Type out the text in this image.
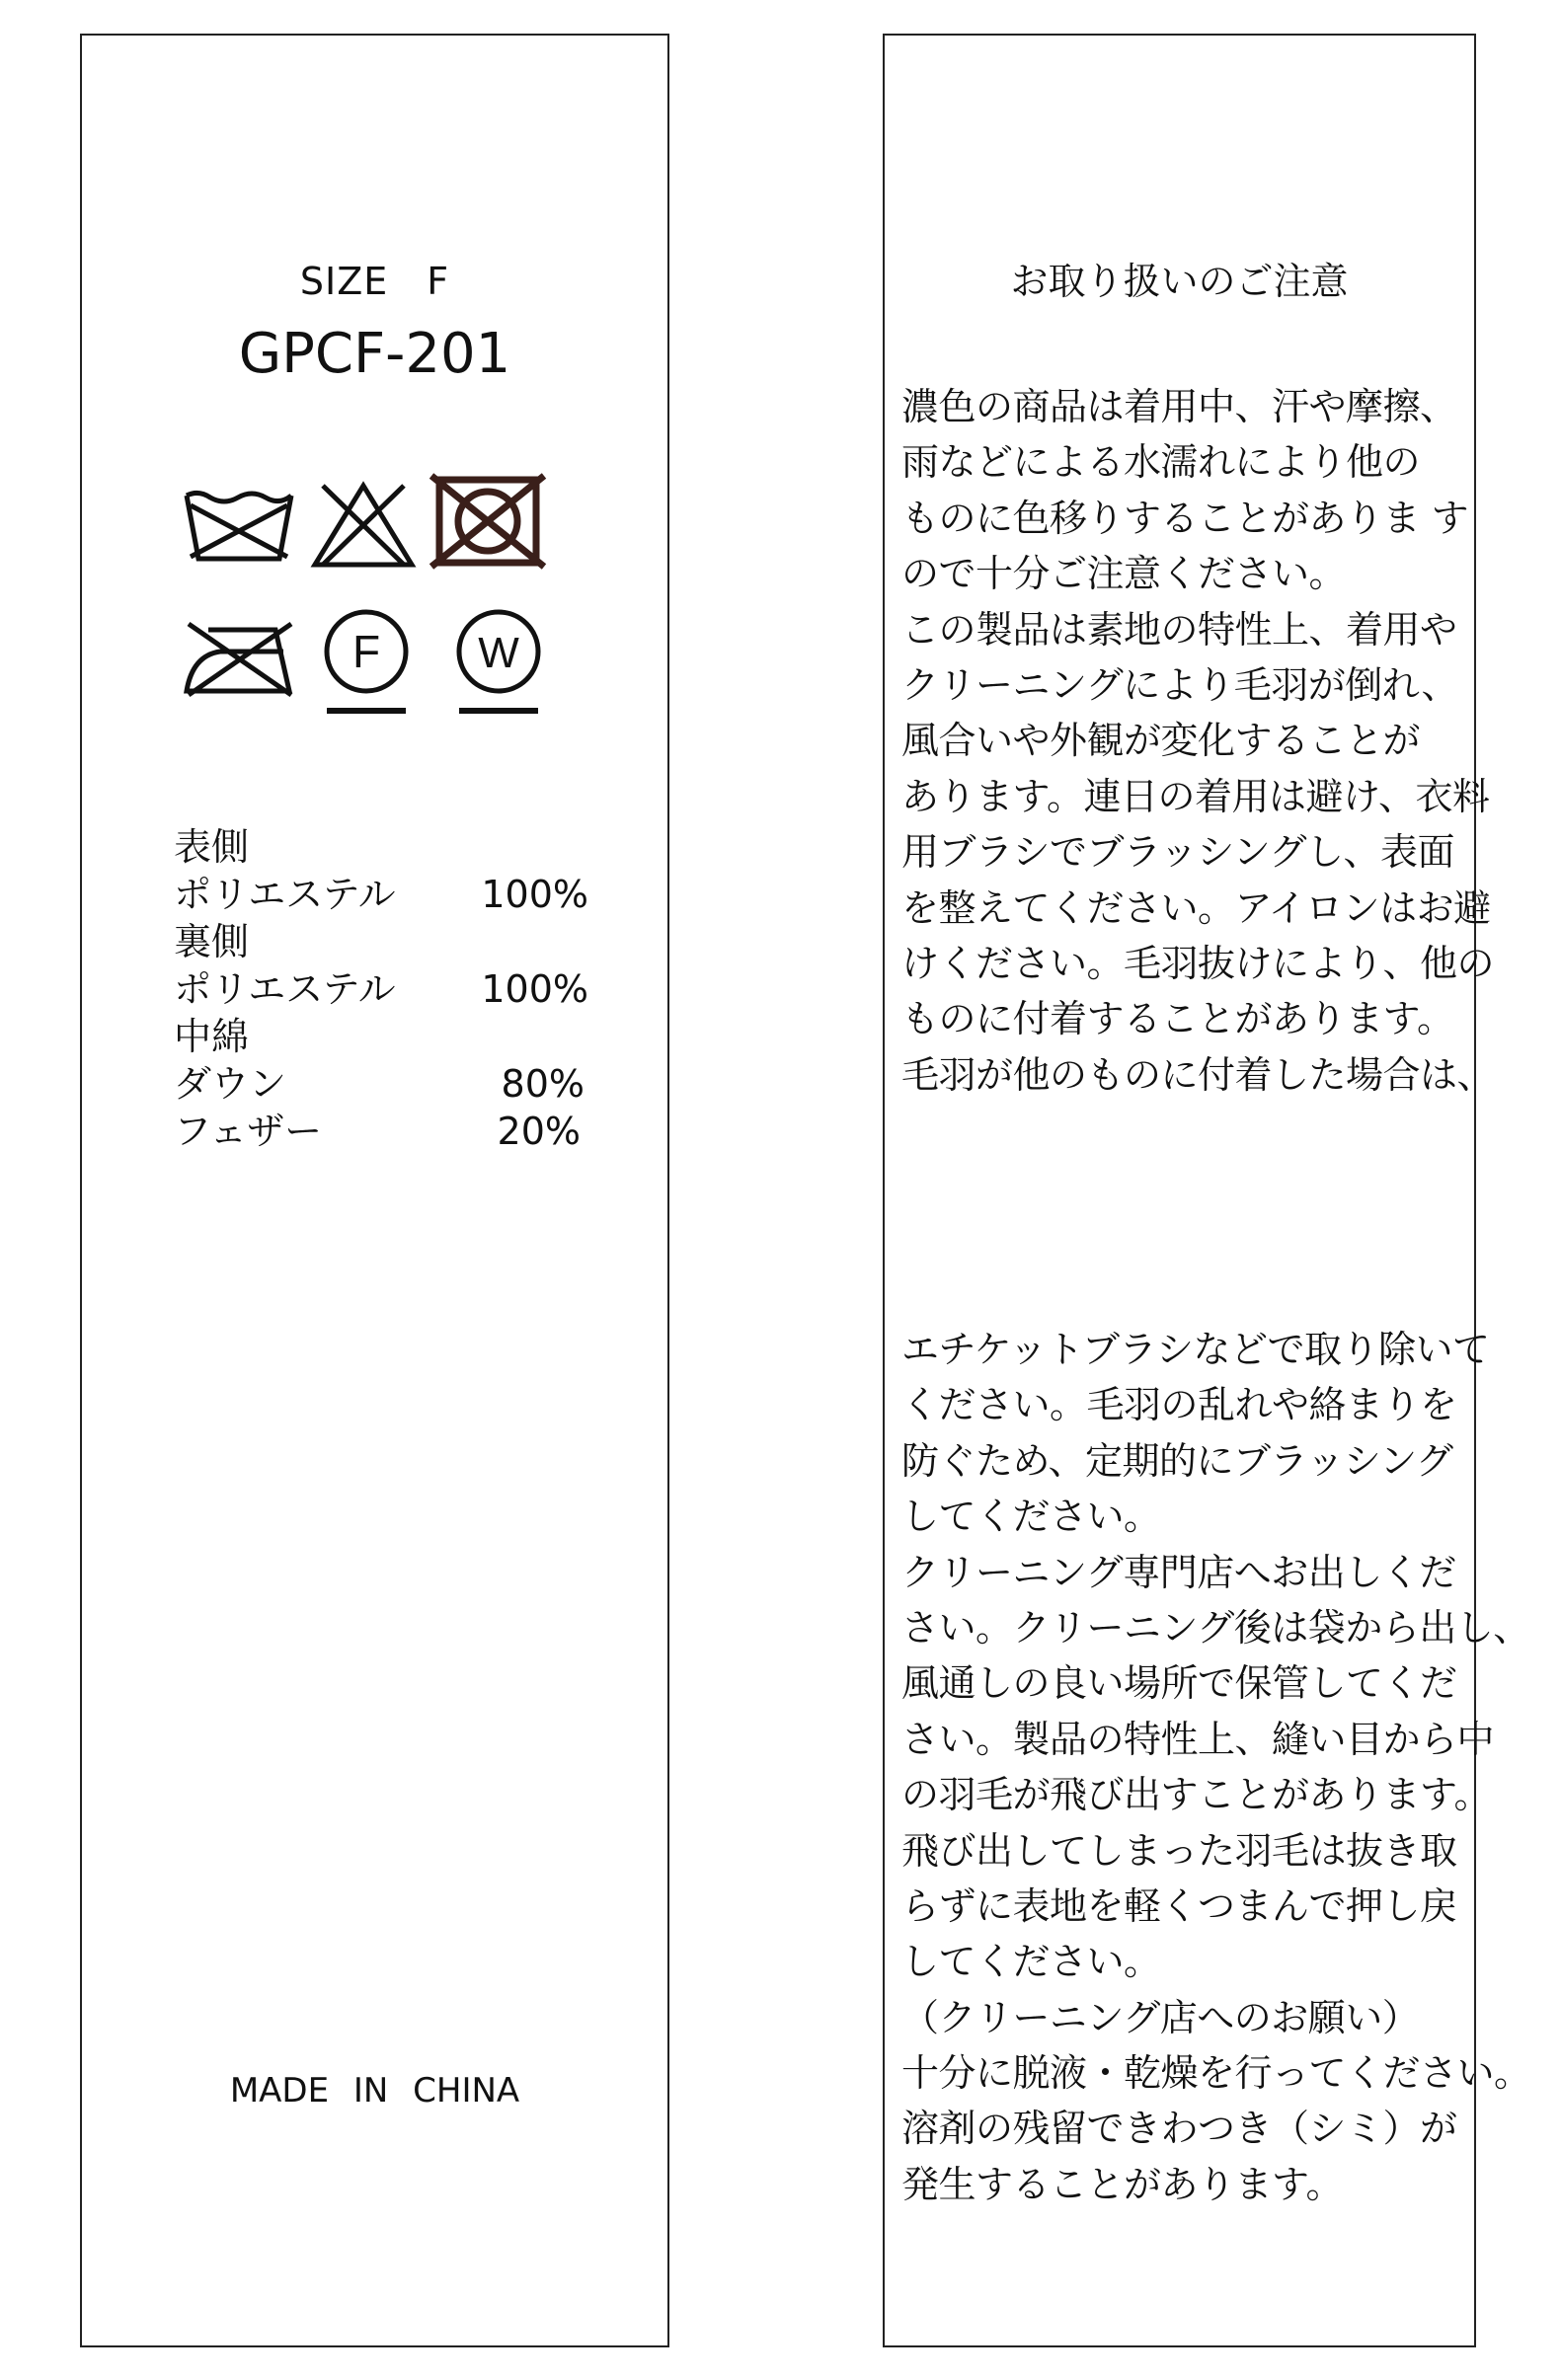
SIZE　F
GPCF-201
F W
表側
ポリエステル 100%
裏側
ポリエステル 100%
中綿
ダウン	80%
フェザー	20%
MADE IN CHINA
お取り扱いのご注意
濃色の商品は着用中、汗や摩擦、
雨などによる水濡れにより他の
ものに色移りすることがありま す
ので十分ご注意ください。
この製品は素地の特性上、着用や
クリーニングにより毛羽が倒れ、
風合いや外観が変化することが
あります。連日の着用は避け、衣料
用ブラシでブラッシングし、表面
を整えてください。アイロンはお避
けください。毛羽抜けにより、他の
ものに付着することがあります。
毛羽が他のものに付着した場合は、
エチケットブラシなどで取り除いて
ください。毛羽の乱れや絡まりを
防ぐため、定期的にブラッシング
してください。
クリーニング専門店へお出しくだ
さい。クリーニング後は袋から出し、
風通しの良い場所で保管してくだ
さい。製品の特性上、縫い目から中
の羽毛が飛び出すことがあります。
飛び出してしまった羽毛は抜き取
らずに表地を軽くつまんで押し戻
してください。
（クリーニング店へのお願い）
十分に脱液・乾燥を行ってください。
溶剤の残留できわつき（シミ）が
発生することがあります。
